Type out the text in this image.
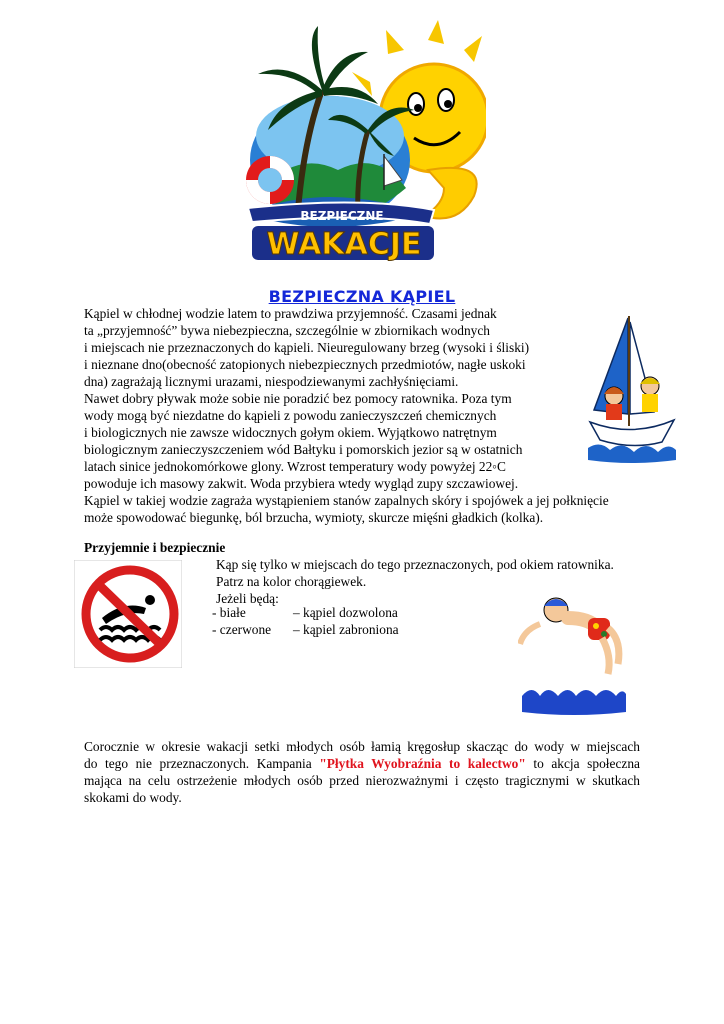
BEZPIECZNE
WAKACJE
BEZPIECZNA KĄPIEL
Kąpiel w chłodnej wodzie latem to prawdziwa przyjemność. Czasami jednak
ta „przyjemność” bywa niebezpieczna, szczególnie w zbiornikach wodnych
i miejscach nie przeznaczonych do kąpieli. Nieuregulowany brzeg (wysoki i śliski)
i nieznane dno(obecność zatopionych niebezpiecznych przedmiotów, nagłe uskoki
dna) zagrażają licznymi urazami, niespodziewanymi zachłyśnięciami.
Nawet dobry pływak może sobie nie poradzić bez pomocy ratownika. Poza tym
wody mogą być niezdatne do kąpieli z powodu zanieczyszczeń chemicznych
i biologicznych nie zawsze widocznych gołym okiem. Wyjątkowo natrętnym
biologicznym zanieczyszczeniem wód Bałtyku i pomorskich jezior są w ostatnich
latach sinice jednokomórkowe glony. Wzrost temperatury wody powyżej 22◦C
powoduje ich masowy zakwit. Woda przybiera wtedy wygląd zupy szczawiowej.
Kąpiel w takiej wodzie zagraża wystąpieniem stanów zapalnych skóry i spojówek a jej połknięcie
może spowodować biegunkę, ból brzucha, wymioty, skurcze mięśni gładkich (kolka).
Przyjemnie i bezpiecznie
Kąp się tylko w miejscach do tego przeznaczonych, pod okiem ratownika.
Patrz na kolor chorągiewek.
Jeżeli będą:
- białe	– kąpiel dozwolona
- czerwone – kąpiel zabroniona
Corocznie w okresie wakacji setki młodych osób łamią kręgosłup skacząc do wody w miejscach
do tego nie przeznaczonych. Kampania "Płytka Wyobraźnia to kalectwo" to akcja społeczna
mająca na celu ostrzeżenie młodych osób przed nierozważnymi i często tragicznymi w skutkach
skokami do wody.
